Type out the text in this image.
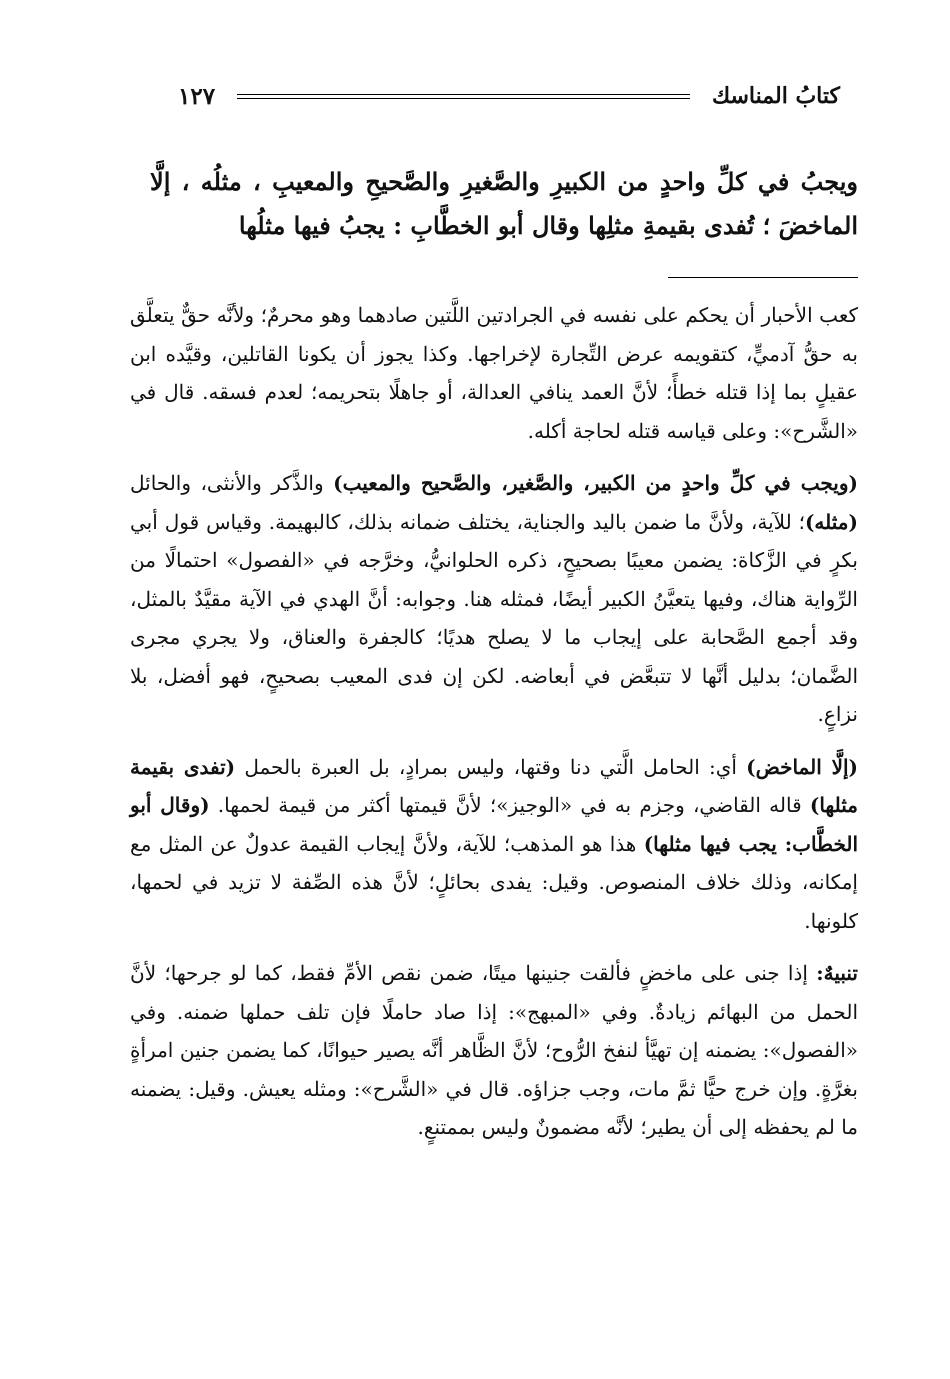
كتابُ المناسك
١٢٧
ويجبُ في كلِّ واحدٍ من الكبيرِ والصَّغيرِ والصَّحيحِ والمعيبِ ، مثلُه ، إلَّا الماخضَ ؛ تُفدى بقيمةِ مثلِها وقال أبو الخطَّابِ : يجبُ فيها مثلُها

كعب الأحبار أن يحكم على نفسه في الجرادتين اللَّتين صادهما وهو محرمٌ؛ ولأنَّه حقٌّ يتعلَّق به حقُّ آدميٍّ، كتقويمه عرض التِّجارة لإخراجها. وكذا يجوز أن يكونا القاتلين، وقيَّده ابن عقيلٍ بما إذا قتله خطأً؛ لأنَّ العمد ينافي العدالة، أو جاهلًا بتحريمه؛ لعدم فسقه. قال في «الشَّرح»: وعلى قياسه قتله لحاجة أكله.

(ويجب في كلِّ واحدٍ من الكبير، والصَّغير، والصَّحيح والمعيب) والذَّكر والأنثى، والحائل (مثله)؛ للآية، ولأنَّ ما ضمن باليد والجناية، يختلف ضمانه بذلك، كالبهيمة. وقياس قول أبي بكرٍ في الزَّكاة: يضمن معيبًا بصحيحٍ، ذكره الحلوانيُّ، وخرَّجه في «الفصول» احتمالًا من الرِّواية هناك، وفيها يتعيَّنُ الكبير أيضًا، فمثله هنا. وجوابه: أنَّ الهدي في الآية مقيَّدٌ بالمثل، وقد أجمع الصَّحابة على إيجاب ما لا يصلح هديًا؛ كالجفرة والعناق، ولا يجري مجرى الضَّمان؛ بدليل أنَّها لا تتبعَّض في أبعاضه. لكن إن فدى المعيب بصحيحٍ، فهو أفضل، بلا نزاعٍ.

(إلَّا الماخض) أي: الحامل الَّتي دنا وقتها، وليس بمرادٍ، بل العبرة بالحمل (تفدى بقيمة مثلها) قاله القاضي، وجزم به في «الوجيز»؛ لأنَّ قيمتها أكثر من قيمة لحمها. (وقال أبو الخطَّاب: يجب فيها مثلها) هذا هو المذهب؛ للآية، ولأنَّ إيجاب القيمة عدولٌ عن المثل مع إمكانه، وذلك خلاف المنصوص. وقيل: يفدى بحائلٍ؛ لأنَّ هذه الصِّفة لا تزيد في لحمها، كلونها.

تنبيهٌ: إذا جنى على ماخضٍ فألقت جنينها ميتًا، ضمن نقص الأمِّ فقط، كما لو جرحها؛ لأنَّ الحمل من البهائم زيادةٌ. وفي «المبهج»: إذا صاد حاملًا فإن تلف حملها ضمنه. وفي «الفصول»: يضمنه إن تهيَّأ لنفخ الرُّوح؛ لأنَّ الظَّاهر أنَّه يصير حيوانًا، كما يضمن جنين امرأةٍ بغرَّةٍ. وإن خرج حيًّا ثمَّ مات، وجب جزاؤه. قال في «الشَّرح»: ومثله يعيش. وقيل: يضمنه ما لم يحفظه إلى أن يطير؛ لأنَّه مضمونٌ وليس بممتنعٍ.
